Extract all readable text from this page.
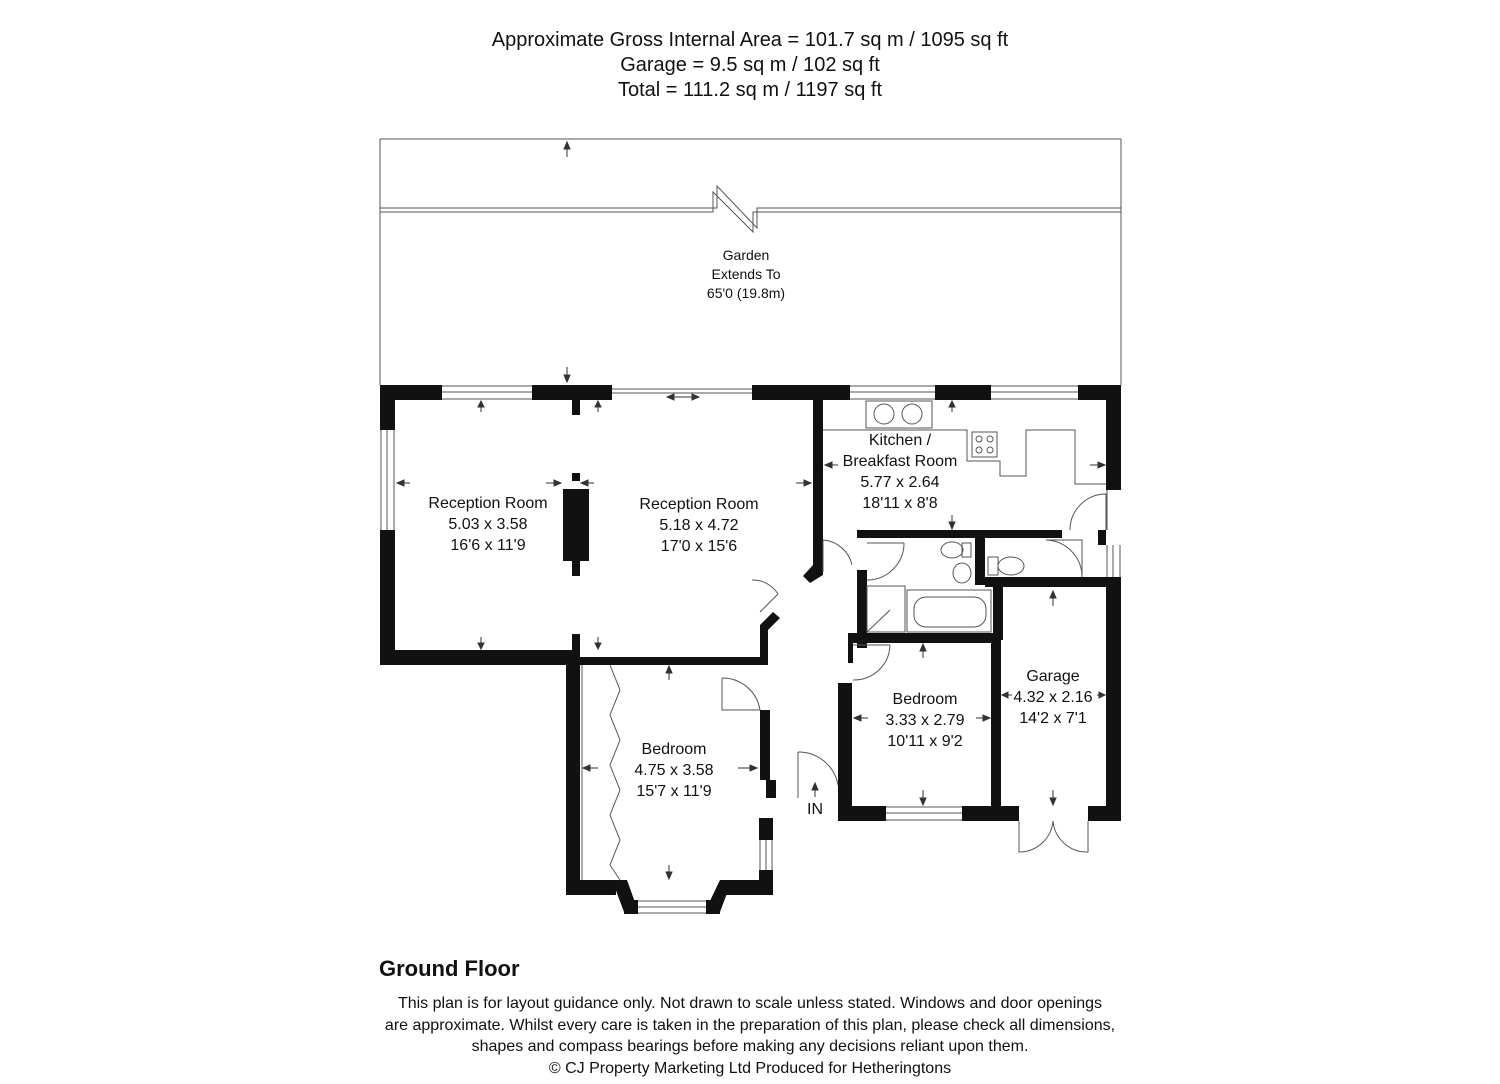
Approximate Gross Internal Area = 101.7 sq m / 1095 sq ft
Garage = 9.5 sq m / 102 sq ft
Total = 111.2 sq m / 1197 sq ft
Garden
Extends To
65'0 (19.8m)
Reception Room
5.03 x 3.58
16'6 x 11'9
Reception Room
5.18 x 4.72
17'0 x 15'6
Kitchen /
Breakfast Room
5.77 x 2.64
18'11 x 8'8
Bedroom
4.75 x 3.58
15'7 x 11'9
Bedroom
3.33 x 2.79
10'11 x 9'2
Garage
4.32 x 2.16
14'2 x 7'1
IN
Ground Floor
This plan is for layout guidance only. Not drawn to scale unless stated. Windows and door openings
are approximate. Whilst every care is taken in the preparation of this plan, please check all dimensions,
shapes and compass bearings before making any decisions reliant upon them.
© CJ Property Marketing Ltd Produced for Hetheringtons
